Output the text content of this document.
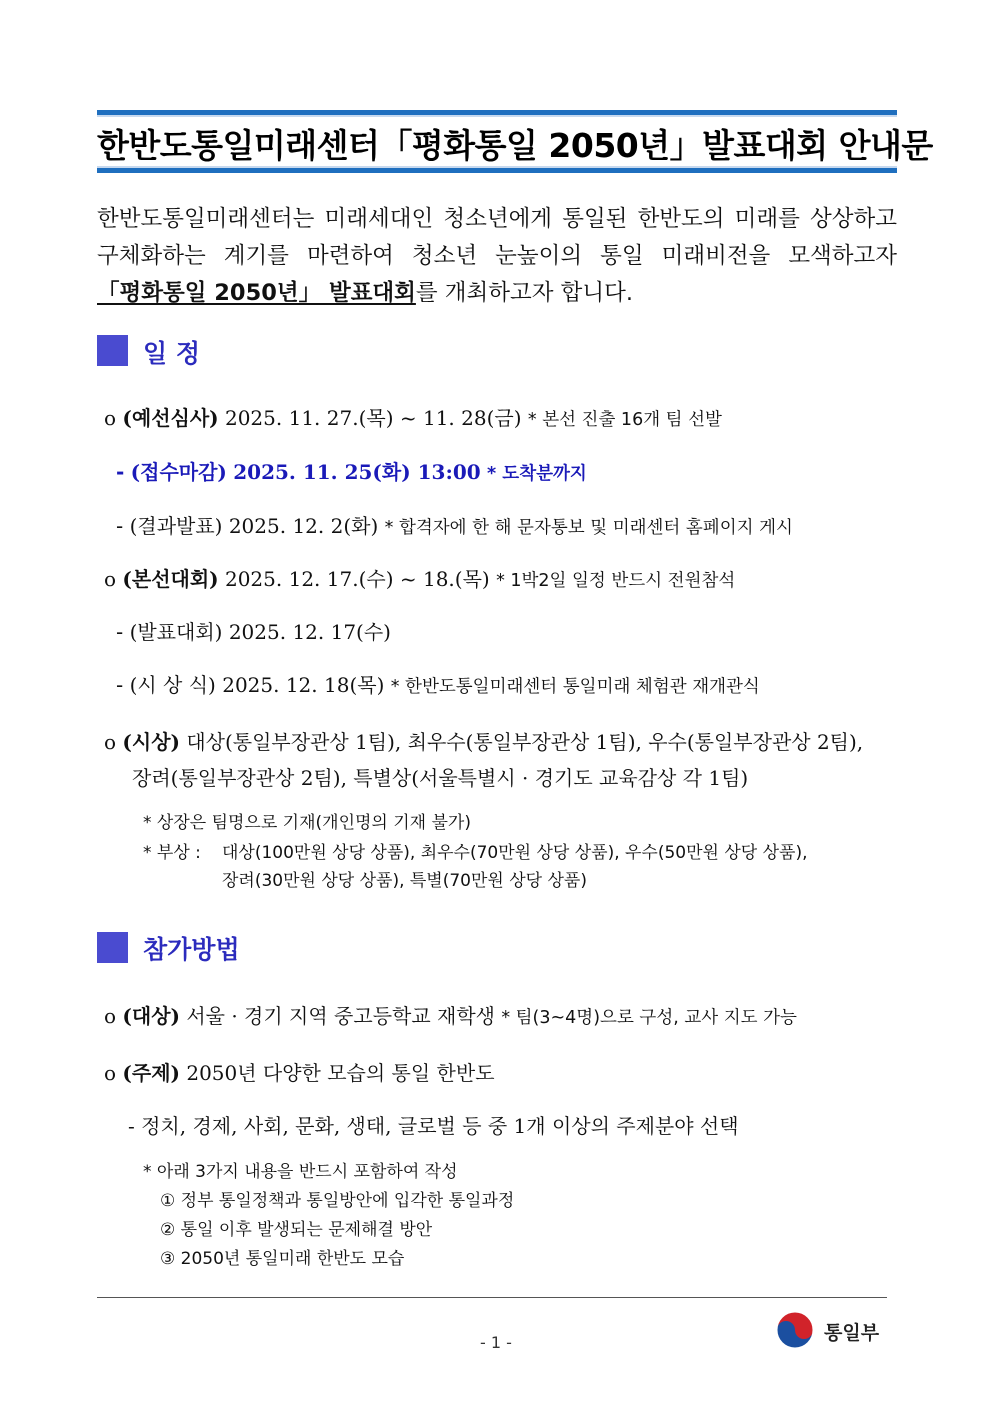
한반도통일미래센터「평화통일 2050년」발표대회 안내문
한반도통일미래센터는 미래세대인 청소년에게 통일된 한반도의 미래를 상상하고
구체화하는 계기를 마련하여 청소년 눈높이의 통일 미래비전을 모색하고자
「평화통일 2050년」 발표대회를 개최하고자 합니다.
일 정
o (예선심사) 2025. 11. 27.(목) ~ 11. 28(금) * 본선 진출 16개 팀 선발
- (접수마감) 2025. 11. 25(화) 13:00 * 도착분까지
- (결과발표) 2025. 12. 2(화) * 합격자에 한 해 문자통보 및 미래센터 홈페이지 게시
o (본선대회) 2025. 12. 17.(수) ~ 18.(목) * 1박2일 일정 반드시 전원참석
- (발표대회) 2025. 12. 17(수)
- (시 상 식) 2025. 12. 18(목) * 한반도통일미래센터 통일미래 체험관 재개관식
o (시상) 대상(통일부장관상 1팀), 최우수(통일부장관상 1팀), 우수(통일부장관상 2팀),
장려(통일부장관상 2팀), 특별상(서울특별시 · 경기도 교육감상 각 1팀)
* 상장은 팀명으로 기재(개인명의 기재 불가)
* 부상 : 대상(100만원 상당 상품), 최우수(70만원 상당 상품), 우수(50만원 상당 상품),
장려(30만원 상당 상품), 특별(70만원 상당 상품)
참가방법
o (대상) 서울 · 경기 지역 중고등학교 재학생 * 팀(3~4명)으로 구성, 교사 지도 가능
o (주제) 2050년 다양한 모습의 통일 한반도
- 정치, 경제, 사회, 문화, 생태, 글로벌 등 중 1개 이상의 주제분야 선택
* 아래 3가지 내용을 반드시 포함하여 작성
① 정부 통일정책과 통일방안에 입각한 통일과정
② 통일 이후 발생되는 문제해결 방안
③ 2050년 통일미래 한반도 모습
- 1 -	통일부
